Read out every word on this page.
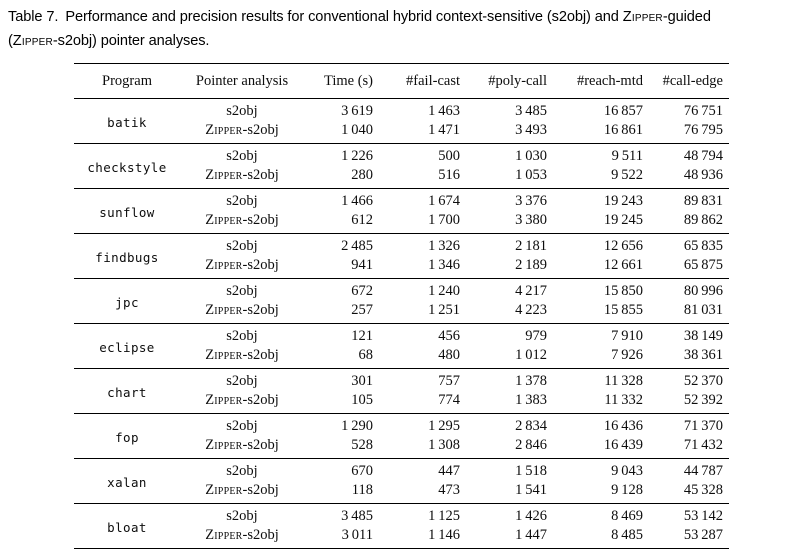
Table 7. Performance and precision results for conventional hybrid context-sensitive (s2obj) and Zipper-guided
(Zipper-s2obj) pointer analyses.
Program	Pointer analysis	Time (s)	#fail-cast	#poly-call	#reach-mtd	#call-edge
batik	s2obj	3 619	1 463	3 485	16 857	76 751
	Zipper-s2obj	1 040	1 471	3 493	16 861	76 795
checkstyle	s2obj	1 226	500	1 030	9 511	48 794
	Zipper-s2obj	280	516	1 053	9 522	48 936
sunflow	s2obj	1 466	1 674	3 376	19 243	89 831
	Zipper-s2obj	612	1 700	3 380	19 245	89 862
findbugs	s2obj	2 485	1 326	2 181	12 656	65 835
	Zipper-s2obj	941	1 346	2 189	12 661	65 875
jpc	s2obj	672	1 240	4 217	15 850	80 996
	Zipper-s2obj	257	1 251	4 223	15 855	81 031
eclipse	s2obj	121	456	979	7 910	38 149
	Zipper-s2obj	68	480	1 012	7 926	38 361
chart	s2obj	301	757	1 378	11 328	52 370
	Zipper-s2obj	105	774	1 383	11 332	52 392
fop	s2obj	1 290	1 295	2 834	16 436	71 370
	Zipper-s2obj	528	1 308	2 846	16 439	71 432
xalan	s2obj	670	447	1 518	9 043	44 787
	Zipper-s2obj	118	473	1 541	9 128	45 328
bloat	s2obj	3 485	1 125	1 426	8 469	53 142
	Zipper-s2obj	3 011	1 146	1 447	8 485	53 287
